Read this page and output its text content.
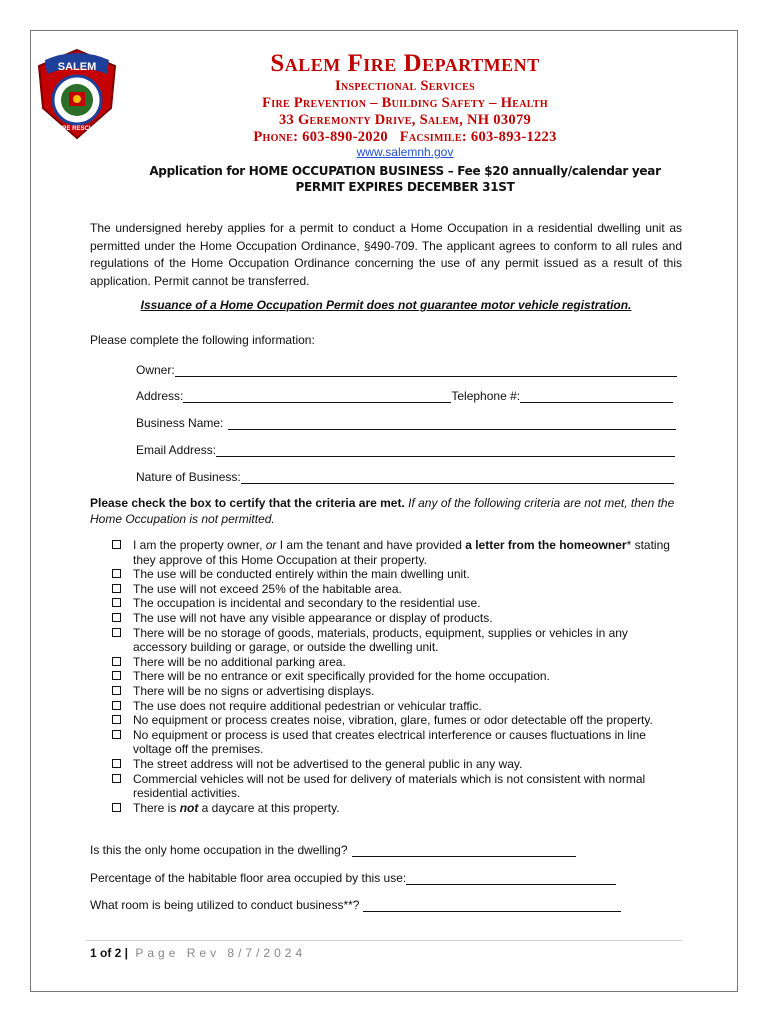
SALEM
FIRE RESCUE
Salem Fire Department
Inspectional Services
Fire Prevention – Building Safety – Health
33 Geremonty Drive, Salem, NH 03079
Phone: 603-890-2020   Facsimile: 603-893-1223
www.salemnh.gov
Application for HOME OCCUPATION BUSINESS – Fee $20 annually/calendar year
PERMIT EXPIRES DECEMBER 31ST
The undersigned hereby applies for a permit to conduct a Home Occupation in a residential dwelling unit as permitted under the Home Occupation Ordinance, §490-709. The applicant agrees to conform to all rules and regulations of the Home Occupation Ordinance concerning the use of any permit issued as a result of this application. Permit cannot be transferred.
Issuance of a Home Occupation Permit does not guarantee motor vehicle registration.
Please complete the following information:
Owner:
Address:	Telephone #:
Business Name:
Email Address:
Nature of Business:
Please check the box to certify that the criteria are met. If any of the following criteria are not met, then the Home Occupation is not permitted.
I am the property owner, or I am the tenant and have provided a letter from the homeowner* stating they approve of this Home Occupation at their property.
The use will be conducted entirely within the main dwelling unit.
The use will not exceed 25% of the habitable area.
The occupation is incidental and secondary to the residential use.
The use will not have any visible appearance or display of products.
There will be no storage of goods, materials, products, equipment, supplies or vehicles in any accessory building or garage, or outside the dwelling unit.
There will be no additional parking area.
There will be no entrance or exit specifically provided for the home occupation.
There will be no signs or advertising displays.
The use does not require additional pedestrian or vehicular traffic.
No equipment or process creates noise, vibration, glare, fumes or odor detectable off the property.
No equipment or process is used that creates electrical interference or causes fluctuations in line voltage off the premises.
The street address will not be advertised to the general public in any way.
Commercial vehicles will not be used for delivery of materials which is not consistent with normal residential activities.
There is not a daycare at this property.
Is this the only home occupation in the dwelling?
Percentage of the habitable floor area occupied by this use:
What room is being utilized to conduct business**?
1 of 2 | Page Rev 8/7/2024
